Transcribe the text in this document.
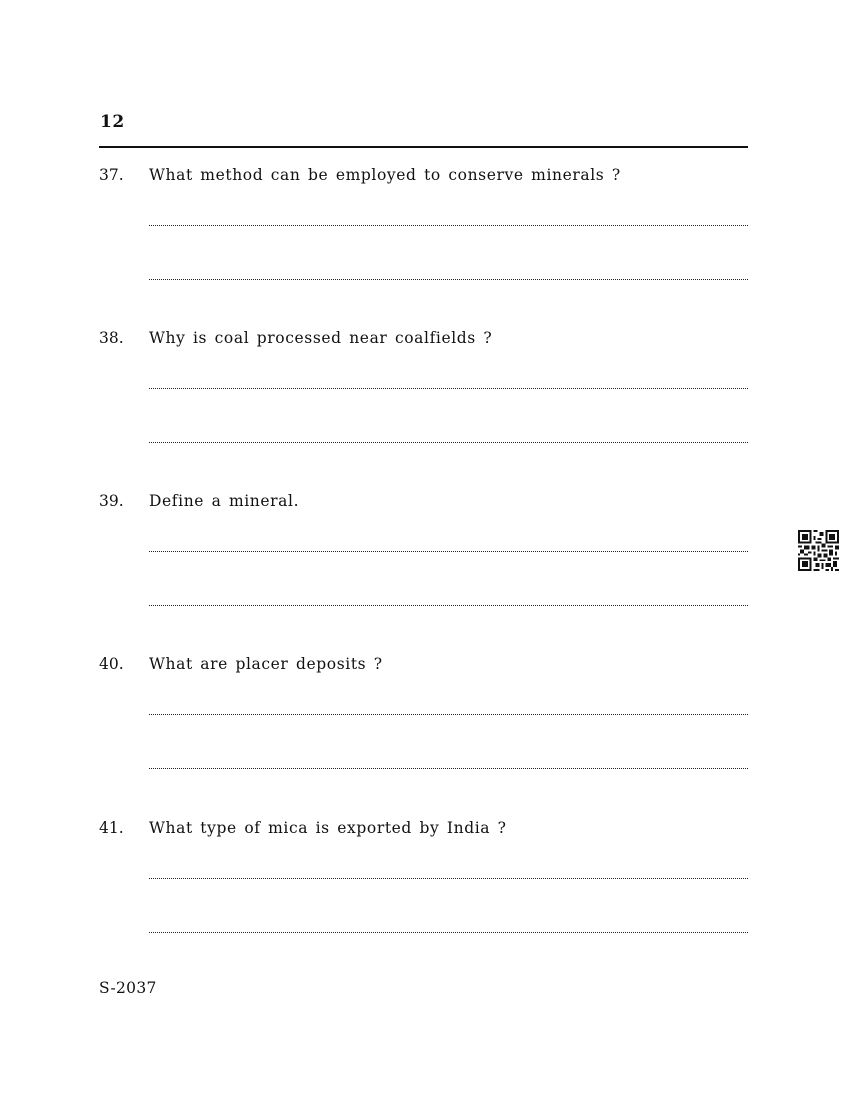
12
37. What method can be employed to conserve minerals ?
38. Why is coal processed near coalfields ?
39. Define a mineral.
40. What are placer deposits ?
41. What type of mica is exported by India ?
S-2037
